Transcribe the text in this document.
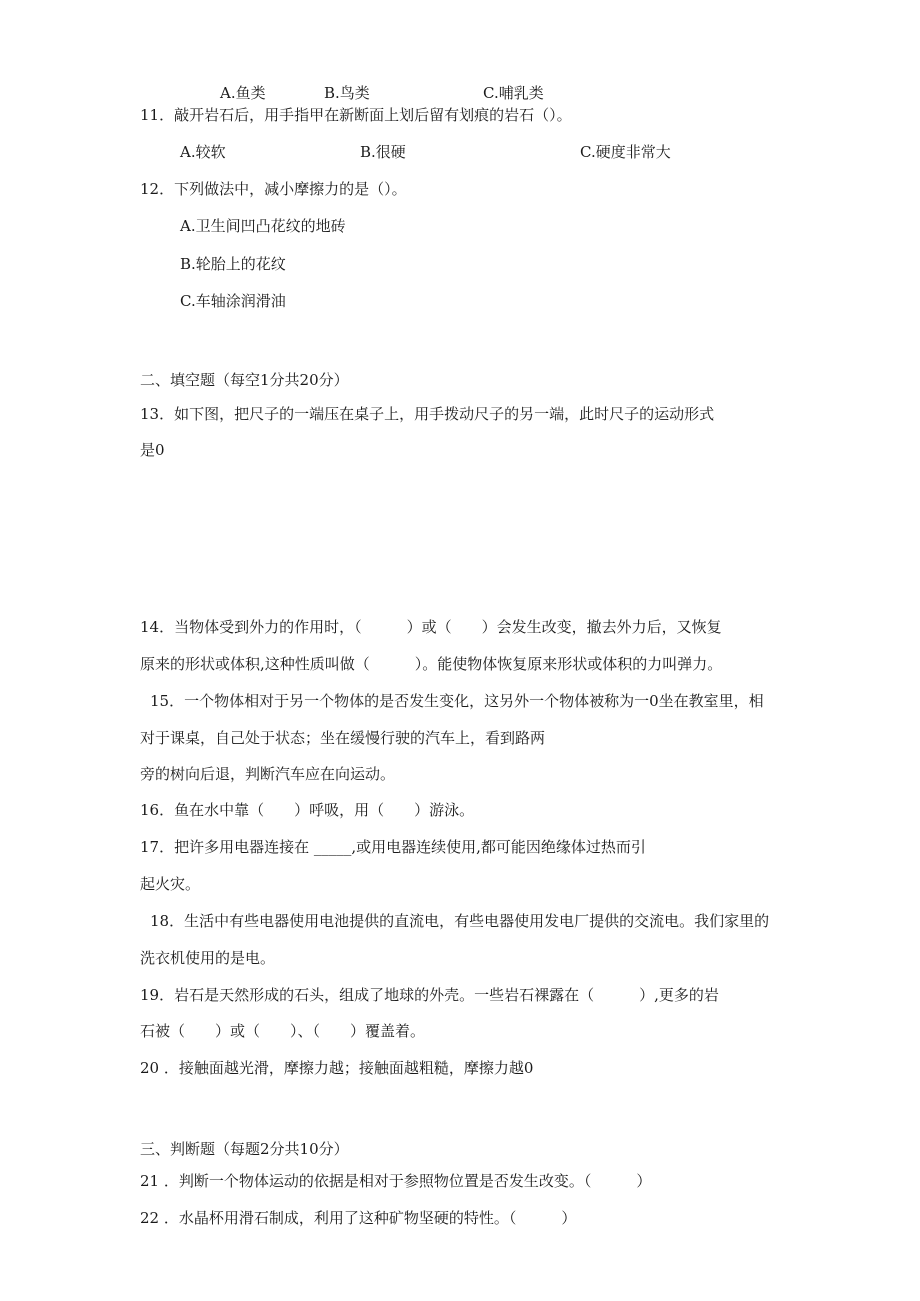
A.鱼类	B.鸟类	C.哺乳类
11．敲开岩石后，用手指甲在新断面上划后留有划痕的岩石（）。
A.较软	B.很硬	C.硬度非常大
12．下列做法中，减小摩擦力的是（）。
A.卫生间凹凸花纹的地砖
B.轮胎上的花纹
C.车轴涂润滑油
二、填空题（每空1分共20分）
13．如下图，把尺子的一端压在桌子上，用手拨动尺子的另一端，此时尺子的运动形式
是0
14．当物体受到外力的作用时，（　　　）或（　　）会发生改变，撤去外力后，又恢复
原来的形状或体积,这种性质叫做（　　　）。能使物体恢复原来形状或体积的力叫弹力。
15．一个物体相对于另一个物体的是否发生变化，这另外一个物体被称为一0坐在教室里，相
对于课桌，自己处于状态；坐在缓慢行驶的汽车上，看到路两
旁的树向后退，判断汽车应在向运动。
16．鱼在水中靠（　　）呼吸，用（　　）游泳。
17．把许多用电器连接在 _____,或用电器连续使用,都可能因绝缘体过热而引
起火灾。
18．生活中有些电器使用电池提供的直流电，有些电器使用发电厂提供的交流电。我们家里的
洗衣机使用的是电。
19．岩石是天然形成的石头，组成了地球的外壳。一些岩石裸露在（　　　）,更多的岩
石被（　　）或（　　）、（　　）覆盖着。
20 ．接触面越光滑，摩擦力越；接触面越粗糙，摩擦力越0
三、判断题（每题2分共10分）
21 ．判断一个物体运动的依据是相对于参照物位置是否发生改变。（　　　）
22 ．水晶杯用滑石制成，利用了这种矿物坚硬的特性。（　　　）
